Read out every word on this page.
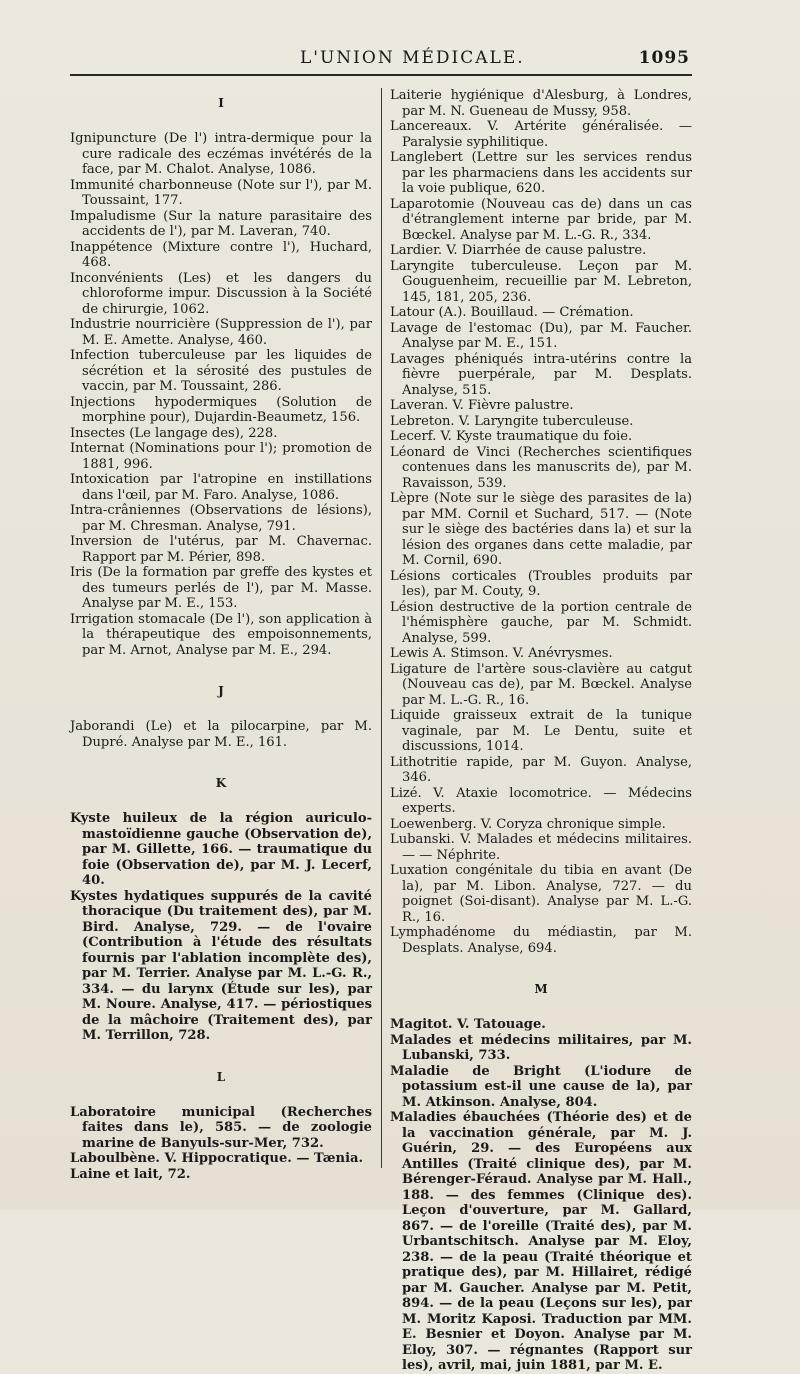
L'UNION MÉDICALE.	1095
I
Ignipuncture (De l') intra-dermique pour la cure radicale des eczémas invétérés de la face, par M. Chalot. Analyse, 1086.
Immunité charbonneuse (Note sur l'), par M. Toussaint, 177.
Impaludisme (Sur la nature parasitaire des accidents de l'), par M. Laveran, 740.
Inappétence (Mixture contre l'), Huchard, 468.
Inconvénients (Les) et les dangers du chloroforme impur. Discussion à la Société de chirurgie, 1062.
Industrie nourricière (Suppression de l'), par M. E. Amette. Analyse, 460.
Infection tuberculeuse par les liquides de sécrétion et la sérosité des pustules de vaccin, par M. Toussaint, 286.
Injections hypodermiques (Solution de morphine pour), Dujardin-Beaumetz, 156.
Insectes (Le langage des), 228.
Internat (Nominations pour l'); promotion de 1881, 996.
Intoxication par l'atropine en instillations dans l'œil, par M. Faro. Analyse, 1086.
Intra-crâniennes (Observations de lésions), par M. Chresman. Analyse, 791.
Inversion de l'utérus, par M. Chavernac. Rapport par M. Périer, 898.
Iris (De la formation par greffe des kystes et des tumeurs perlés de l'), par M. Masse. Analyse par M. E., 153.
Irrigation stomacale (De l'), son application à la thérapeutique des empoisonnements, par M. Arnot, Analyse par M. E., 294.
J
Jaborandi (Le) et la pilocarpine, par M. Dupré. Analyse par M. E., 161.
K
Kyste huileux de la région auriculo-mastoïdienne gauche (Observation de), par M. Gillette, 166. — traumatique du foie (Observation de), par M. J. Lecerf, 40.
Kystes hydatiques suppurés de la cavité thoracique (Du traitement des), par M. Bird. Analyse, 729. — de l'ovaire (Contribution à l'étude des résultats fournis par l'ablation incomplète des), par M. Terrier. Analyse par M. L.-G. R., 334. — du larynx (Étude sur les), par M. Noure. Analyse, 417. — périostiques de la mâchoire (Traitement des), par M. Terrillon, 728.
L
Laboratoire municipal (Recherches faites dans le), 585. — de zoologie marine de Banyuls-sur-Mer, 732.
Laboulbène. V. Hippocratique. — Tænia.
Laine et lait, 72.
Laiterie hygiénique d'Alesburg, à Londres, par M. N. Gueneau de Mussy, 958.
Lancereaux. V. Artérite généralisée. — Paralysie syphilitique.
Langlebert (Lettre sur les services rendus par les pharmaciens dans les accidents sur la voie publique, 620.
Laparotomie (Nouveau cas de) dans un cas d'étranglement interne par bride, par M. Bœckel. Analyse par M. L.-G. R., 334.
Lardier. V. Diarrhée de cause palustre.
Laryngite tuberculeuse. Leçon par M. Gouguenheim, recueillie par M. Lebreton, 145, 181, 205, 236.
Latour (A.). Bouillaud. — Crémation.
Lavage de l'estomac (Du), par M. Faucher. Analyse par M. E., 151.
Lavages phéniqués intra-utérins contre la fièvre puerpérale, par M. Desplats. Analyse, 515.
Laveran. V. Fièvre palustre.
Lebreton. V. Laryngite tuberculeuse.
Lecerf. V. Kyste traumatique du foie.
Léonard de Vinci (Recherches scientifiques contenues dans les manuscrits de), par M. Ravaisson, 539.
Lèpre (Note sur le siège des parasites de la) par MM. Cornil et Suchard, 517. — (Note sur le siège des bactéries dans la) et sur la lésion des organes dans cette maladie, par M. Cornil, 690.
Lésions corticales (Troubles produits par les), par M. Couty, 9.
Lésion destructive de la portion centrale de l'hémisphère gauche, par M. Schmidt. Analyse, 599.
Lewis A. Stimson. V. Anévrysmes.
Ligature de l'artère sous-clavière au catgut (Nouveau cas de), par M. Bœckel. Analyse par M. L.-G. R., 16.
Liquide graisseux extrait de la tunique vaginale, par M. Le Dentu, suite et discussions, 1014.
Lithotritie rapide, par M. Guyon. Analyse, 346.
Lizé. V. Ataxie locomotrice. — Médecins experts.
Loewenberg. V. Coryza chronique simple.
Lubanski. V. Malades et médecins militaires. — — Néphrite.
Luxation congénitale du tibia en avant (De la), par M. Libon. Analyse, 727. — du poignet (Soi-disant). Analyse par M. L.-G. R., 16.
Lymphadénome du médiastin, par M. Desplats. Analyse, 694.
M
Magitot. V. Tatouage.
Malades et médecins militaires, par M. Lubanski, 733.
Maladie de Bright (L'iodure de potassium est-il une cause de la), par M. Atkinson. Analyse, 804.
Maladies ébauchées (Théorie des) et de la vaccination générale, par M. J. Guérin, 29. — des Européens aux Antilles (Traité clinique des), par M. Bérenger-Féraud. Analyse par M. Hall., 188. — des femmes (Clinique des). Leçon d'ouverture, par M. Gallard, 867. — de l'oreille (Traité des), par M. Urbantschitsch. Analyse par M. Eloy, 238. — de la peau (Traité théorique et pratique des), par M. Hillairet, rédigé par M. Gaucher. Analyse par M. Petit, 894. — de la peau (Leçons sur les), par M. Moritz Kaposi. Traduction par MM. E. Besnier et Doyon. Analyse par M. Eloy, 307. — régnantes (Rapport sur les), avril, mai, juin 1881, par M. E.
